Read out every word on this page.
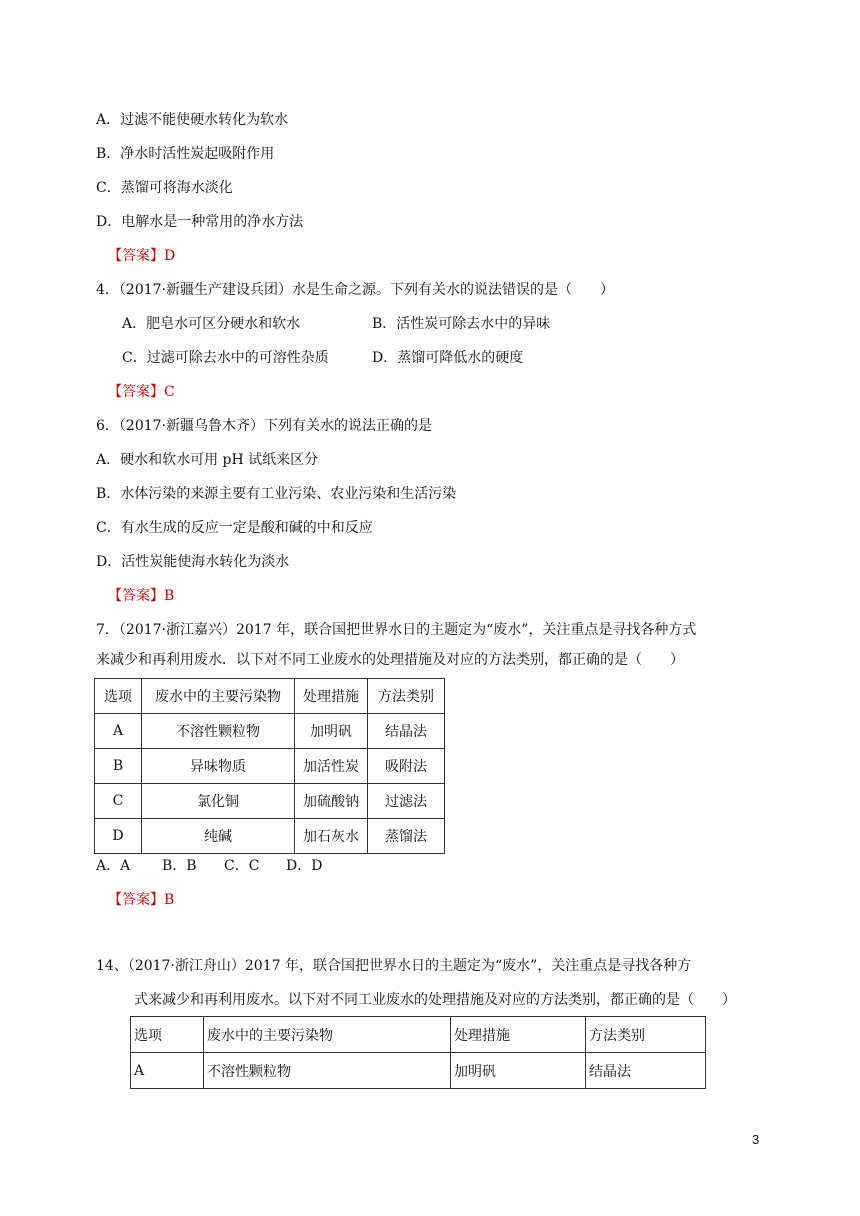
A．过滤不能使硬水转化为软水
B．净水时活性炭起吸附作用
C．蒸馏可将海水淡化
D．电解水是一种常用的净水方法
【答案】D
4．（2017·新疆生产建设兵团）水是生命之源。下列有关水的说法错误的是（　　）
A．肥皂水可区分硬水和软水	B．活性炭可除去水中的异味
C．过滤可除去水中的可溶性杂质	D．蒸馏可降低水的硬度
【答案】C
6．（2017·新疆乌鲁木齐）下列有关水的说法正确的是
A．硬水和软水可用 pH 试纸来区分
B．水体污染的来源主要有工业污染、农业污染和生活污染
C．有水生成的反应一定是酸和碱的中和反应
D．活性炭能使海水转化为淡水
【答案】B
7．（2017·浙江嘉兴）2017 年，联合国把世界水日的主题定为“废水”，关注重点是寻找各种方式
来减少和再利用废水．以下对不同工业废水的处理措施及对应的方法类别，都正确的是（　　）
选项	废水中的主要污染物	处理措施	方法类别
A	不溶性颗粒物	加明矾	结晶法
B	异味物质	加活性炭	吸附法
C	氯化铜	加硫酸钠	过滤法
D	纯碱	加石灰水	蒸馏法
A．A B．B C．C D．D
【答案】B
14、（2017·浙江舟山）2017 年，联合国把世界水日的主题定为“废水”，关注重点是寻找各种方
式来减少和再利用废水。以下对不同工业废水的处理措施及对应的方法类别，都正确的是（　　）
选项	废水中的主要污染物	处理措施	方法类别
A	不溶性颗粒物	加明矾	结晶法
3
